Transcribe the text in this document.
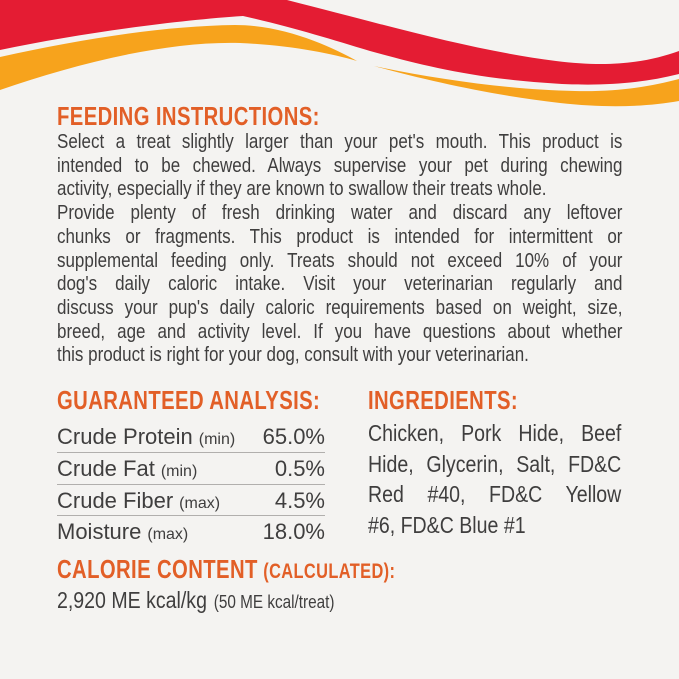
FEEDING INSTRUCTIONS:
Select a treat slightly larger than your pet's mouth. This product is
intended to be chewed. Always supervise your pet during chewing
activity, especially if they are known to swallow their treats whole.
Provide plenty of fresh drinking water and discard any leftover
chunks or fragments. This product is intended for intermittent or
supplemental feeding only. Treats should not exceed 10% of your
dog's daily caloric intake. Visit your veterinarian regularly and
discuss your pup's daily caloric requirements based on weight, size,
breed, age and activity level. If you have questions about whether
this product is right for your dog, consult with your veterinarian.
GUARANTEED ANALYSIS:
Crude Protein (min) 65.0%
Crude Fat (min)	0.5%
Crude Fiber (max) 4.5%
Moisture (max)	18.0%
INGREDIENTS:
Chicken, Pork Hide, Beef
Hide, Glycerin, Salt, FD&C
Red #40, FD&C Yellow
#6, FD&C Blue #1
CALORIE CONTENT (CALCULATED):
2,920 ME kcal/kg (50 ME kcal/treat)
